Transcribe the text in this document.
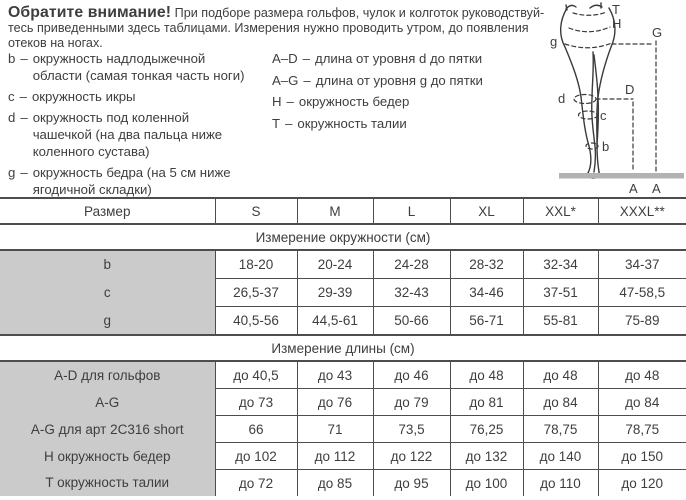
Обратите внимание! При подборе размера гольфов, чулок и колготок руководствуй-
тесь приведенными здесь таблицами. Измерения нужно проводить утром, до появления
отеков на ногах.
b – окружность надлодыжечной области (самая тонкая часть ноги)
c – окружность икры
d – окружность под коленной чашечкой (на два пальца ниже коленного сустава)
g – окружность бедра (на 5 см ниже ягодичной складки)
A–D – длина от уровня d до пятки
A–G – длина от уровня g до пятки
H – окружность бедер
T – окружность талии
T
H
g
G
d
D
c
b
A A
Размер	S	M	L	XL	XXL*	XXXL**
Измерение окружности (см)						
b	18-20	20-24	24-28	28-32	32-34	34-37
c	26,5-37	29-39	32-43	34-46	37-51	47-58,5
g	40,5-56	44,5-61	50-66	56-71	55-81	75-89
Измерение длины (см)						
A-D для гольфов	до 40,5	до 43	до 46	до 48	до 48	до 48
A-G	до 73	до 76	до 79	до 81	до 84	до 84
A-G для арт 2C316 short	66	71	73,5	76,25	78,75	78,75
H окружность бедер	до 102	до 112	до 122	до 132	до 140	до 150
T окружность талии	до 72	до 85	до 95	до 100	до 110	до 120
